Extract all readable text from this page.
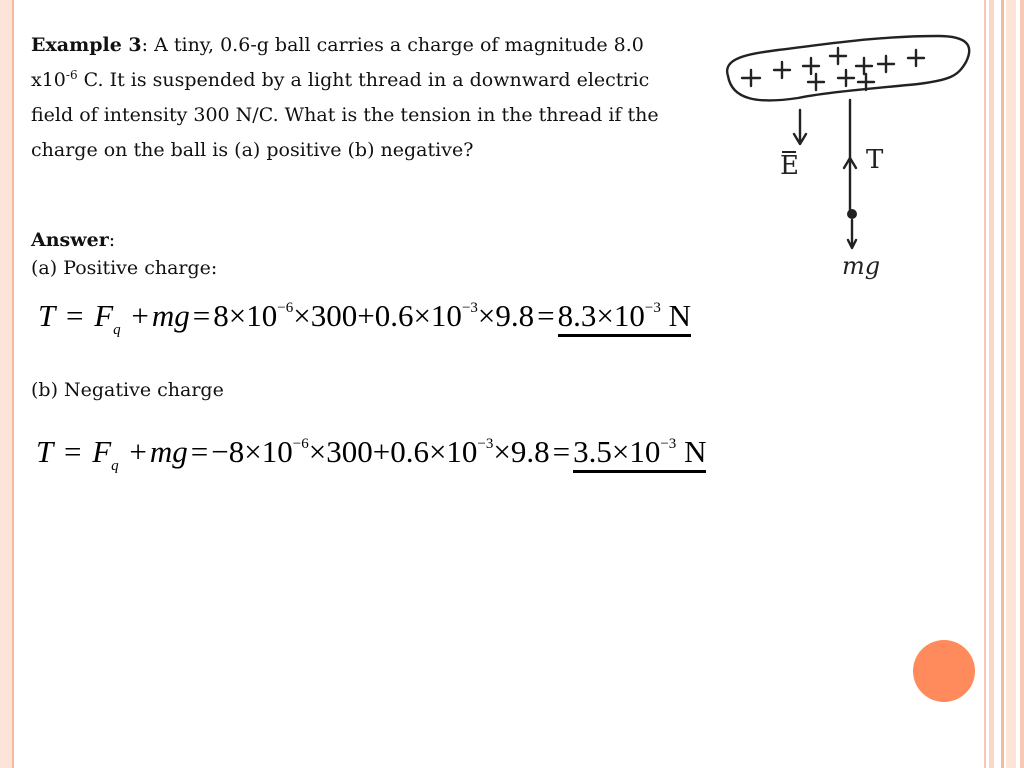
Example 3: A tiny, 0.6-g ball carries a charge of magnitude 8.0 $x10^{-6}$ C. It is suspended by a light thread in a downward electric field of intensity 300 N/C. What is the tension in the thread if the charge on the ball is (a) positive (b) negative?
Answer:
(a) Positive charge:
$T = F_q +mg=8\times 10^{-6}\times 300+0.6\times 10^{-3}\times 9.8=8.3\times 10^{-3}$ N
(b) Negative charge
$T = F_q +mg=-8\times 10^{-6}\times 300+0.6\times 10^{-3}\times 9.8=3.5\times 10^{-3}$ N
E	T
mg
